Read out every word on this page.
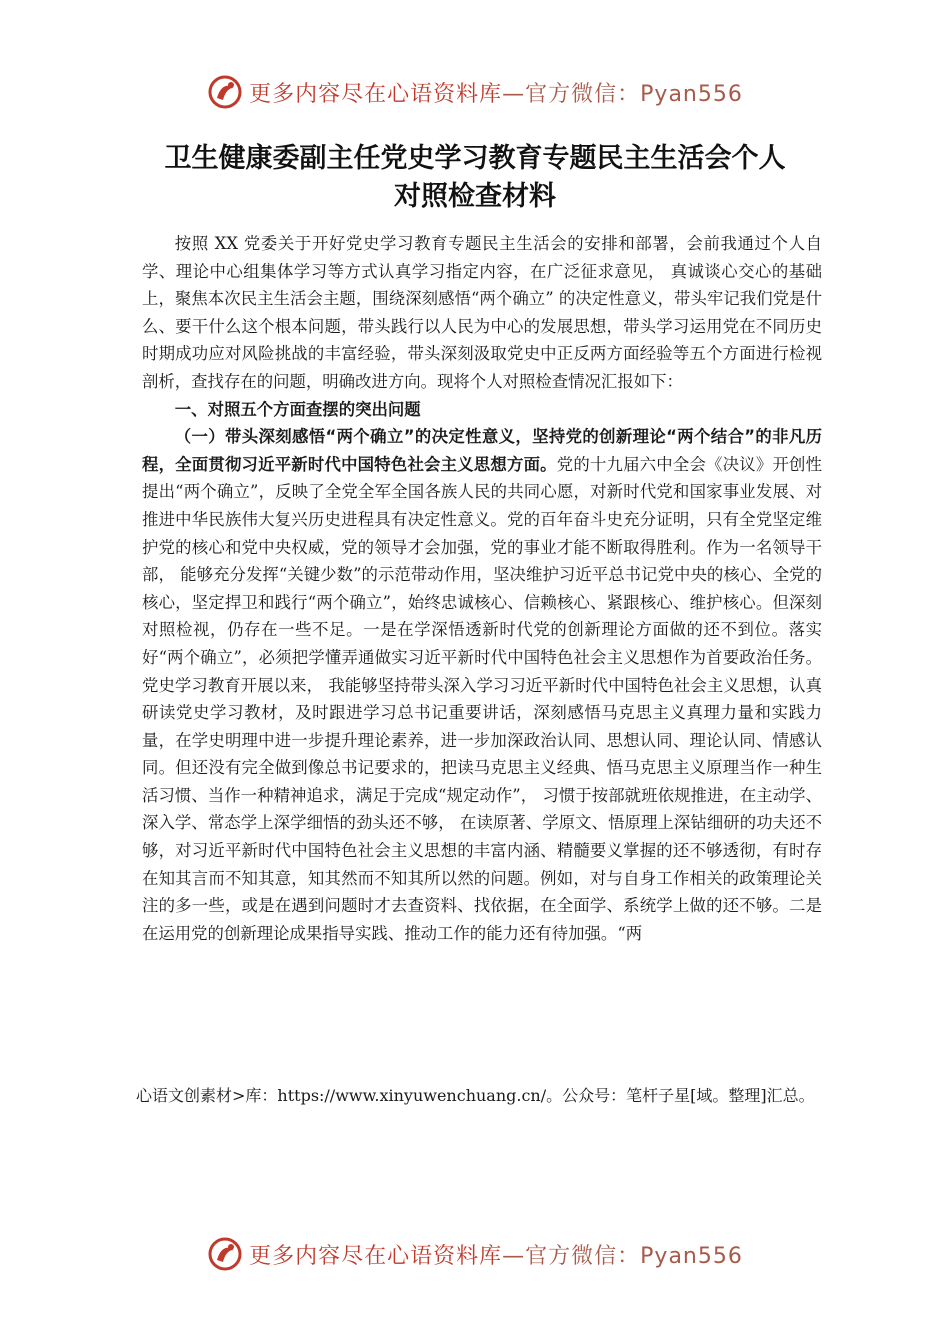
更多内容尽在心语资料库—官方微信：Pyan556
卫生健康委副主任党史学习教育专题民主生活会个人
对照检查材料

按照 XX 党委关于开好党史学习教育专题民主生活会的安排和部署，会前我通过个人自学、理论中心组集体学习等方式认真学习指定内容，在广泛征求意见， 真诚谈心交心的基础上，聚焦本次民主生活会主题，围绕深刻感悟“两个确立” 的决定性意义，带头牢记我们党是什么、要干什么这个根本问题，带头践行以人民为中心的发展思想，带头学习运用党在不同历史时期成功应对风险挑战的丰富经验，带头深刻汲取党史中正反两方面经验等五个方面进行检视剖析，查找存在的问题，明确改进方向。现将个人对照检查情况汇报如下：

一、对照五个方面查摆的突出问题

（一）带头深刻感悟“两个确立”的决定性意义，坚持党的创新理论“两个结合”的非凡历程，全面贯彻习近平新时代中国特色社会主义思想方面。党的十九届六中全会《决议》开创性提出“两个确立”，反映了全党全军全国各族人民的共同心愿，对新时代党和国家事业发展、对推进中华民族伟大复兴历史进程具有决定性意义。党的百年奋斗史充分证明，只有全党坚定维护党的核心和党中央权威，党的领导才会加强，党的事业才能不断取得胜利。作为一名领导干部， 能够充分发挥“关键少数”的示范带动作用，坚决维护习近平总书记党中央的核心、全党的核心，坚定捍卫和践行“两个确立”，始终忠诚核心、信赖核心、紧跟核心、维护核心。但深刻对照检视，仍存在一些不足。一是在学深悟透新时代党的创新理论方面做的还不到位。落实好“两个确立”，必须把学懂弄通做实习近平新时代中国特色社会主义思想作为首要政治任务。党史学习教育开展以来， 我能够坚持带头深入学习习近平新时代中国特色社会主义思想，认真研读党史学习教材，及时跟进学习总书记重要讲话，深刻感悟马克思主义真理力量和实践力量，在学史明理中进一步提升理论素养，进一步加深政治认同、思想认同、理论认同、情感认同。但还没有完全做到像总书记要求的，把读马克思主义经典、悟马克思主义原理当作一种生活习惯、当作一种精神追求，满足于完成“规定动作”， 习惯于按部就班依规推进，在主动学、深入学、常态学上深学细悟的劲头还不够， 在读原著、学原文、悟原理上深钻细研的功夫还不够，对习近平新时代中国特色社会主义思想的丰富内涵、精髓要义掌握的还不够透彻，有时存在知其言而不知其意，知其然而不知其所以然的问题。例如，对与自身工作相关的政策理论关注的多一些，或是在遇到问题时才去查资料、找依据，在全面学、系统学上做的还不够。二是在运用党的创新理论成果指导实践、推动工作的能力还有待加强。“两

心语文创素材>库：https://www.xinyuwenchuang.cn/。公众号：笔杆子星[域。整理]汇总。
更多内容尽在心语资料库—官方微信：Pyan556
